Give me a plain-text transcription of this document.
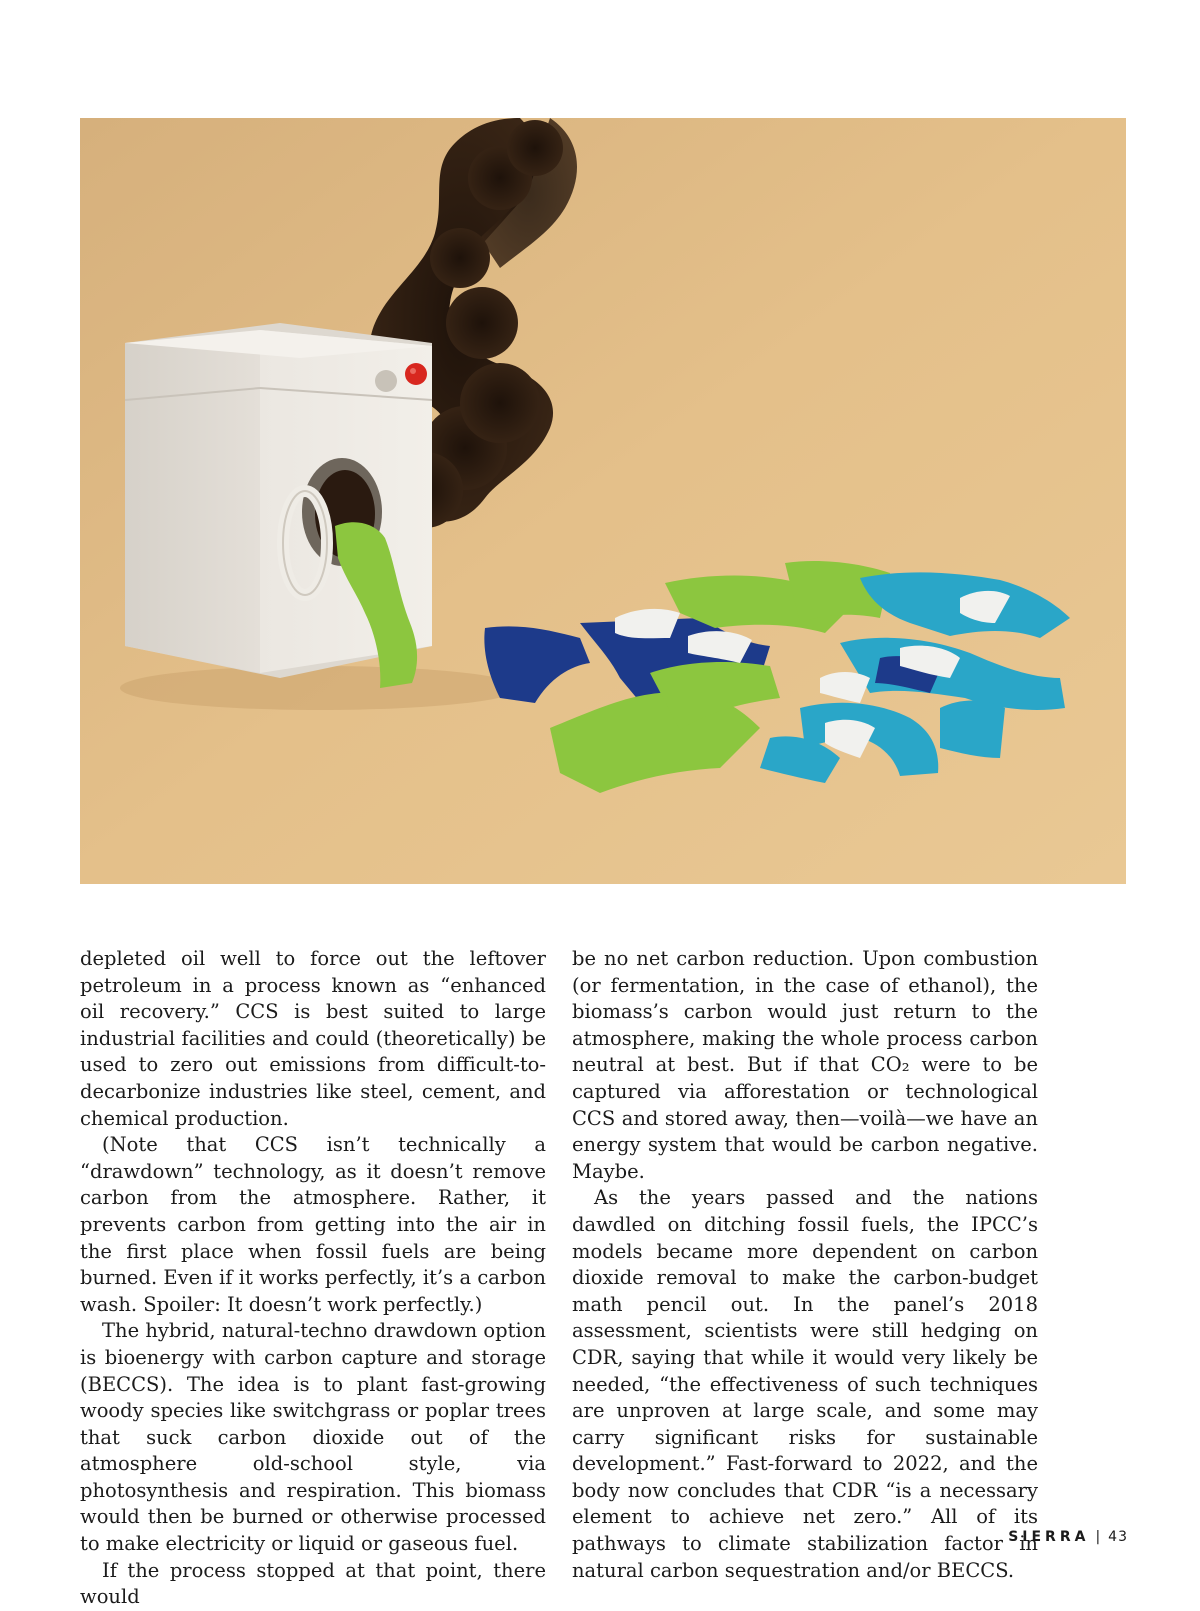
depleted oil well to force out the leftover petroleum in a process known as “enhanced oil recovery.” CCS is best suited to large industrial facilities and could (theoretically) be used to zero out emissions from difficult-to-decarbonize industries like steel, cement, and chemical production.

(Note that CCS isn’t technically a “drawdown” technology, as it doesn’t remove carbon from the atmosphere. Rather, it prevents carbon from getting into the air in the first place when fossil fuels are being burned. Even if it works perfectly, it’s a carbon wash. Spoiler: It doesn’t work perfectly.)

The hybrid, natural-techno drawdown option is bioenergy with carbon capture and storage (BECCS). The idea is to plant fast-growing woody species like switchgrass or poplar trees that suck carbon dioxide out of the atmosphere old-school style, via photosynthesis and respiration. This biomass would then be burned or otherwise processed to make electricity or liquid or gaseous fuel.

If the process stopped at that point, there would

be no net carbon reduction. Upon combustion (or fermentation, in the case of ethanol), the biomass’s carbon would just return to the atmosphere, making the whole process carbon neutral at best. But if that CO₂ were to be captured via afforestation or technological CCS and stored away, then—voilà—we have an energy system that would be carbon negative. Maybe.

As the years passed and the nations dawdled on ditching fossil fuels, the IPCC’s models became more dependent on carbon dioxide removal to make the carbon-budget math pencil out. In the panel’s 2018 assessment, scientists were still hedging on CDR, saying that while it would very likely be needed, “the effectiveness of such techniques are unproven at large scale, and some may carry significant risks for sustainable development.” Fast-forward to 2022, and the body now concludes that CDR “is a necessary element to achieve net zero.” All of its pathways to climate stabilization factor in natural carbon sequestration and/or BECCS.

SIERRA | 43
